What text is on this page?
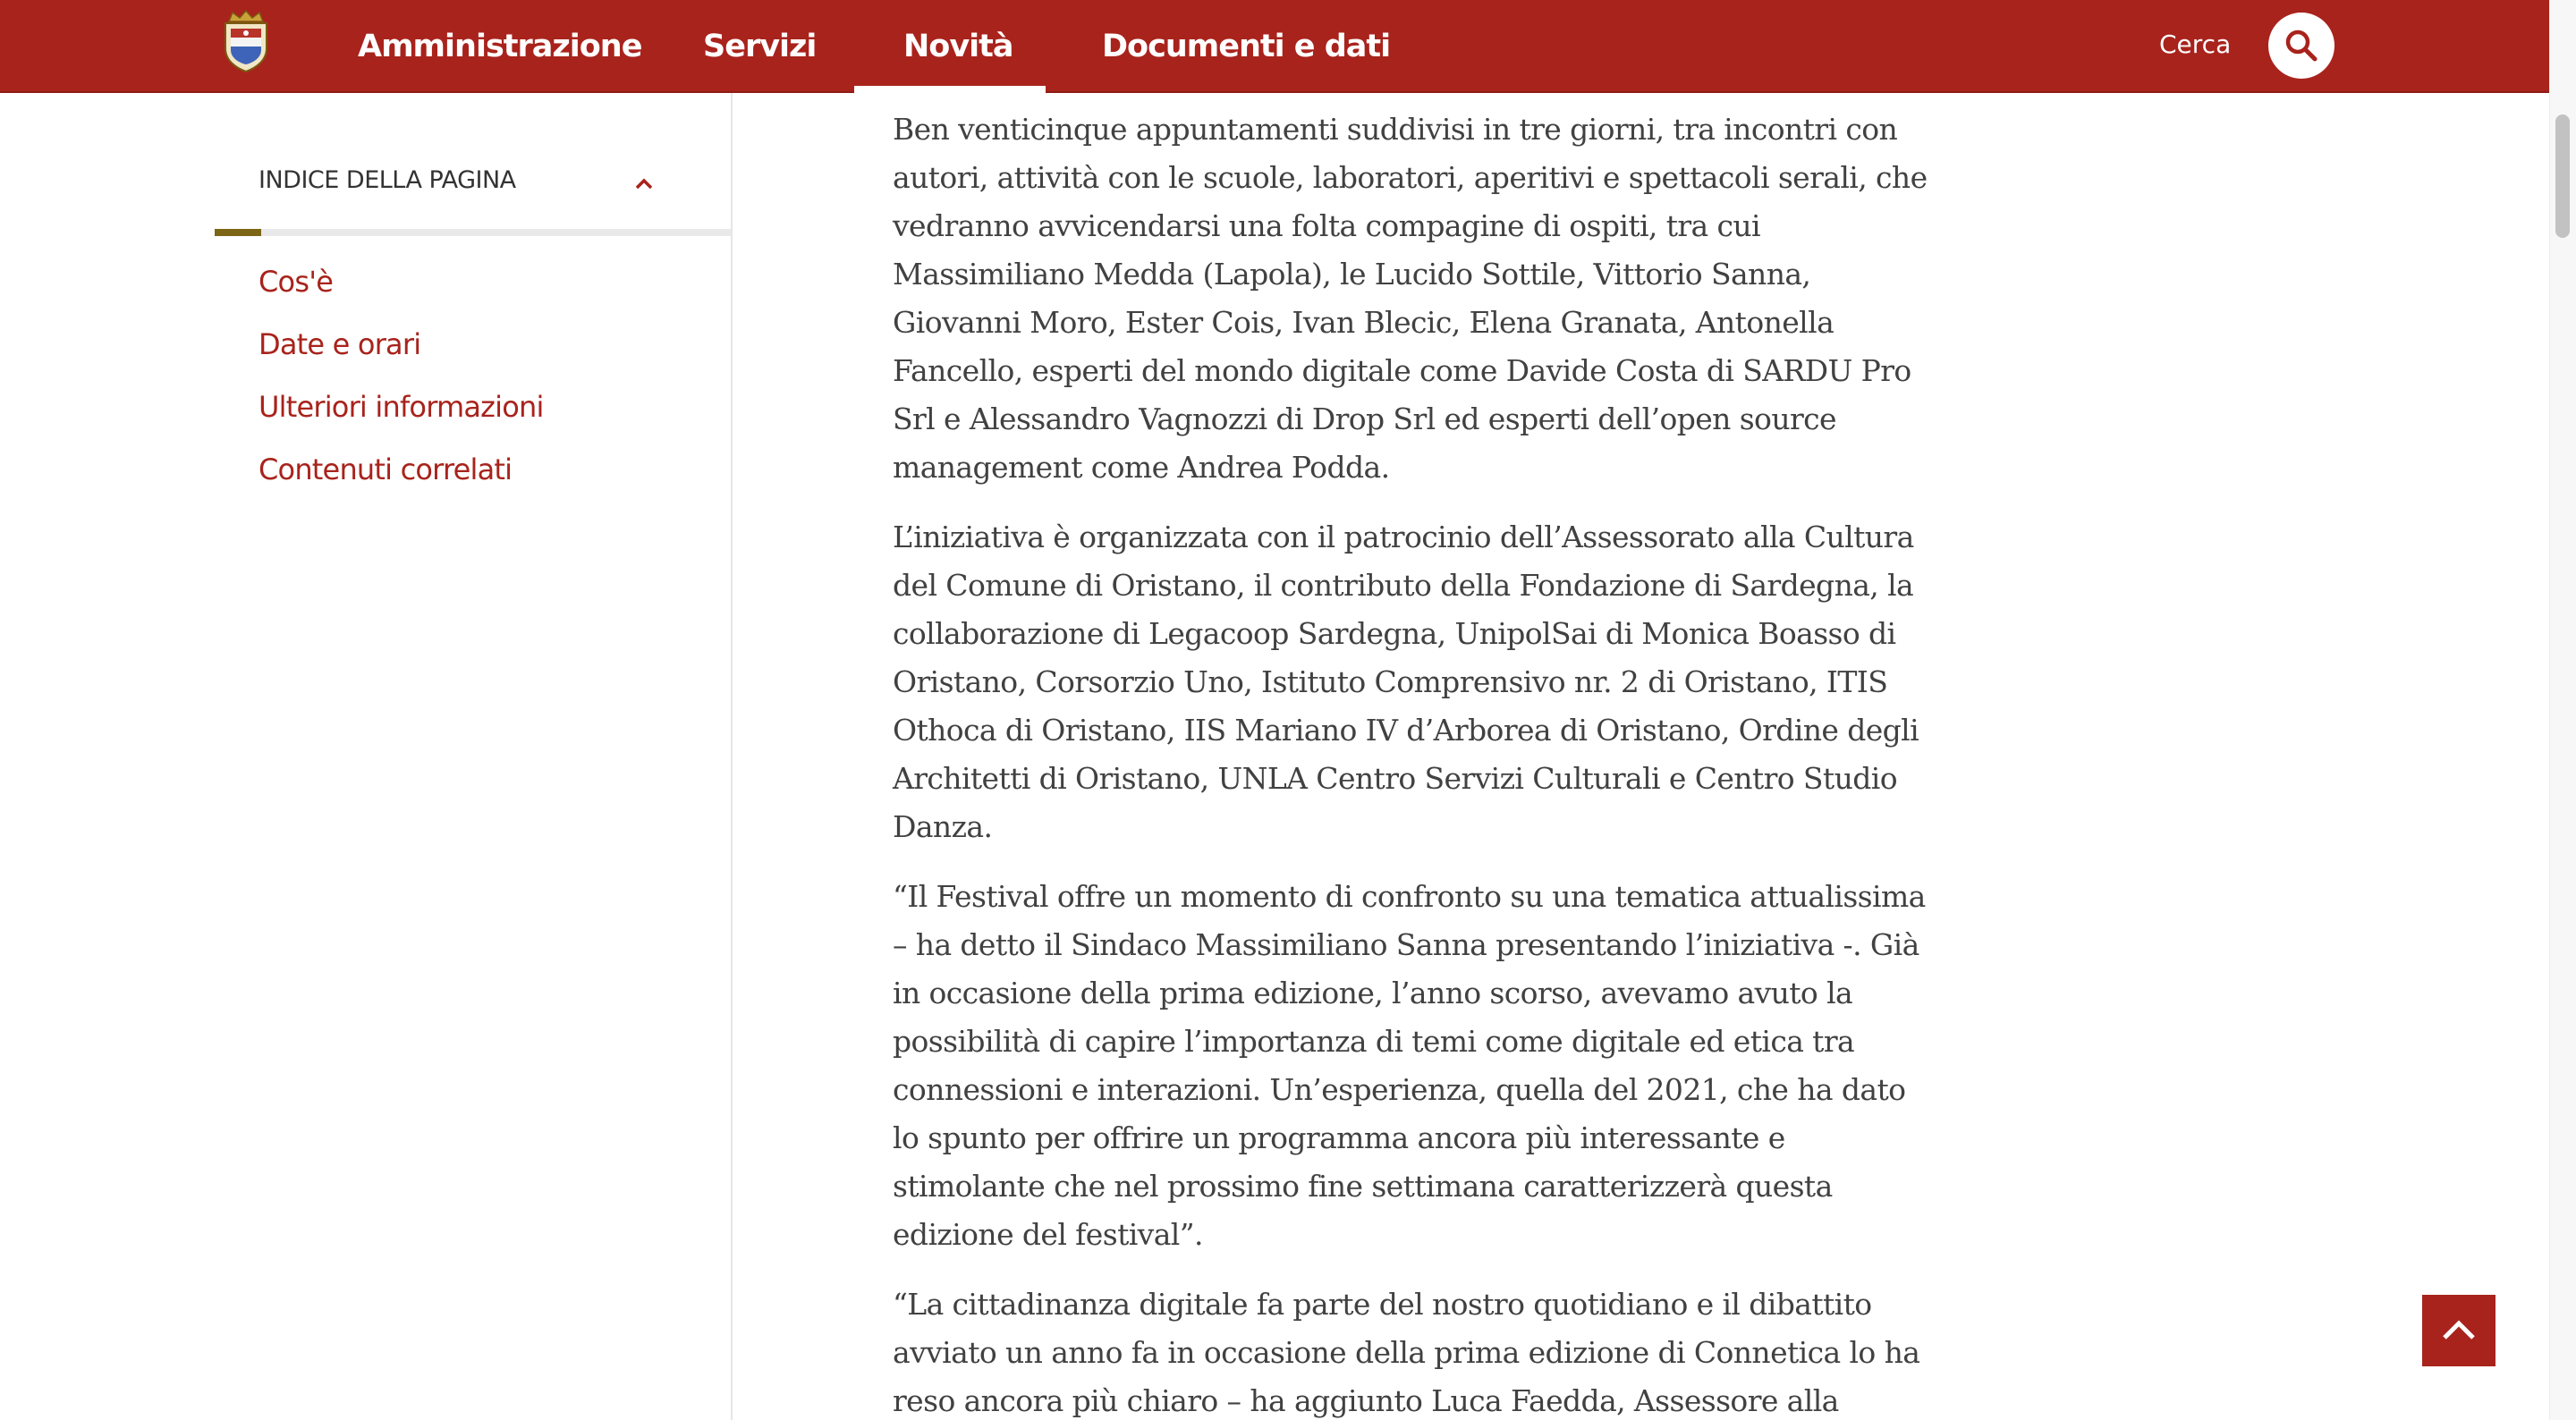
Amministrazione Servizi	Novità	Documenti e dati	Cerca
INDICE DELLA PAGINA
Cos'è
Date e orari
Ulteriori informazioni
Contenuti correlati

Ben venticinque appuntamenti suddivisi in tre giorni, tra incontri con autori, attività con le scuole, laboratori, aperitivi e spettacoli serali, che vedranno avvicendarsi una folta compagine di ospiti, tra cui Massimiliano Medda (Lapola), le Lucido Sottile, Vittorio Sanna, Giovanni Moro, Ester Cois, Ivan Blecic, Elena Granata, Antonella Fancello, esperti del mondo digitale come Davide Costa di SARDU Pro Srl e Alessandro Vagnozzi di Drop Srl ed esperti dell’open source management come Andrea Podda.

L’iniziativa è organizzata con il patrocinio dell’Assessorato alla Cultura del Comune di Oristano, il contributo della Fondazione di Sardegna, la collaborazione di Legacoop Sardegna, UnipolSai di Monica Boasso di Oristano, Corsorzio Uno, Istituto Comprensivo nr. 2 di Oristano, ITIS Othoca di Oristano, IIS Mariano IV d’Arborea di Oristano, Ordine degli Architetti di Oristano, UNLA Centro Servizi Culturali e Centro Studio Danza.

“Il Festival offre un momento di confronto su una tematica attualissima – ha detto il Sindaco Massimiliano Sanna presentando l’iniziativa -. Già in occasione della prima edizione, l’anno scorso, avevamo avuto la possibilità di capire l’importanza di temi come digitale ed etica tra connessioni e interazioni. Un’esperienza, quella del 2021, che ha dato lo spunto per offrire un programma ancora più interessante e stimolante che nel prossimo fine settimana caratterizzerà questa edizione del festival”.

“La cittadinanza digitale fa parte del nostro quotidiano e il dibattito avviato un anno fa in occasione della prima edizione di Connetica lo ha reso ancora più chiaro – ha aggiunto Luca Faedda, Assessore alla
